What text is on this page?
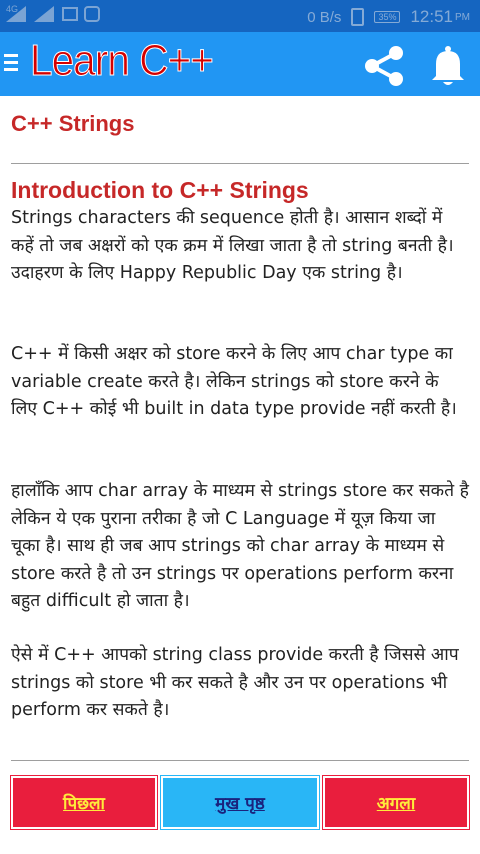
4G	0 B/s	35% 12:51 PM
Learn C++
C++ Strings
Introduction to C++ Strings
Strings characters की sequence होती है। आसान शब्दों में कहें तो जब अक्षरों को एक क्रम में लिखा जाता है तो string बनती है। उदाहरण के लिए Happy Republic Day एक string है।
C++ में किसी अक्षर को store करने के लिए आप char type का variable create करते है। लेकिन strings को store करने के लिए C++ कोई भी built in data type provide नहीं करती है।
हालाँकि आप char array के माध्यम से strings store कर सकते है लेकिन ये एक पुराना तरीका है जो C Language में यूज़ किया जा चूका है। साथ ही जब आप strings को char array के माध्यम से store करते है तो उन strings पर operations perform करना बहुत difficult हो जाता है।
ऐसे में C++ आपको string class provide करती है जिससे आप strings को store भी कर सकते है और उन पर operations भी perform कर सकते है।
पिछला	मुख पृष्ठ	अगला
